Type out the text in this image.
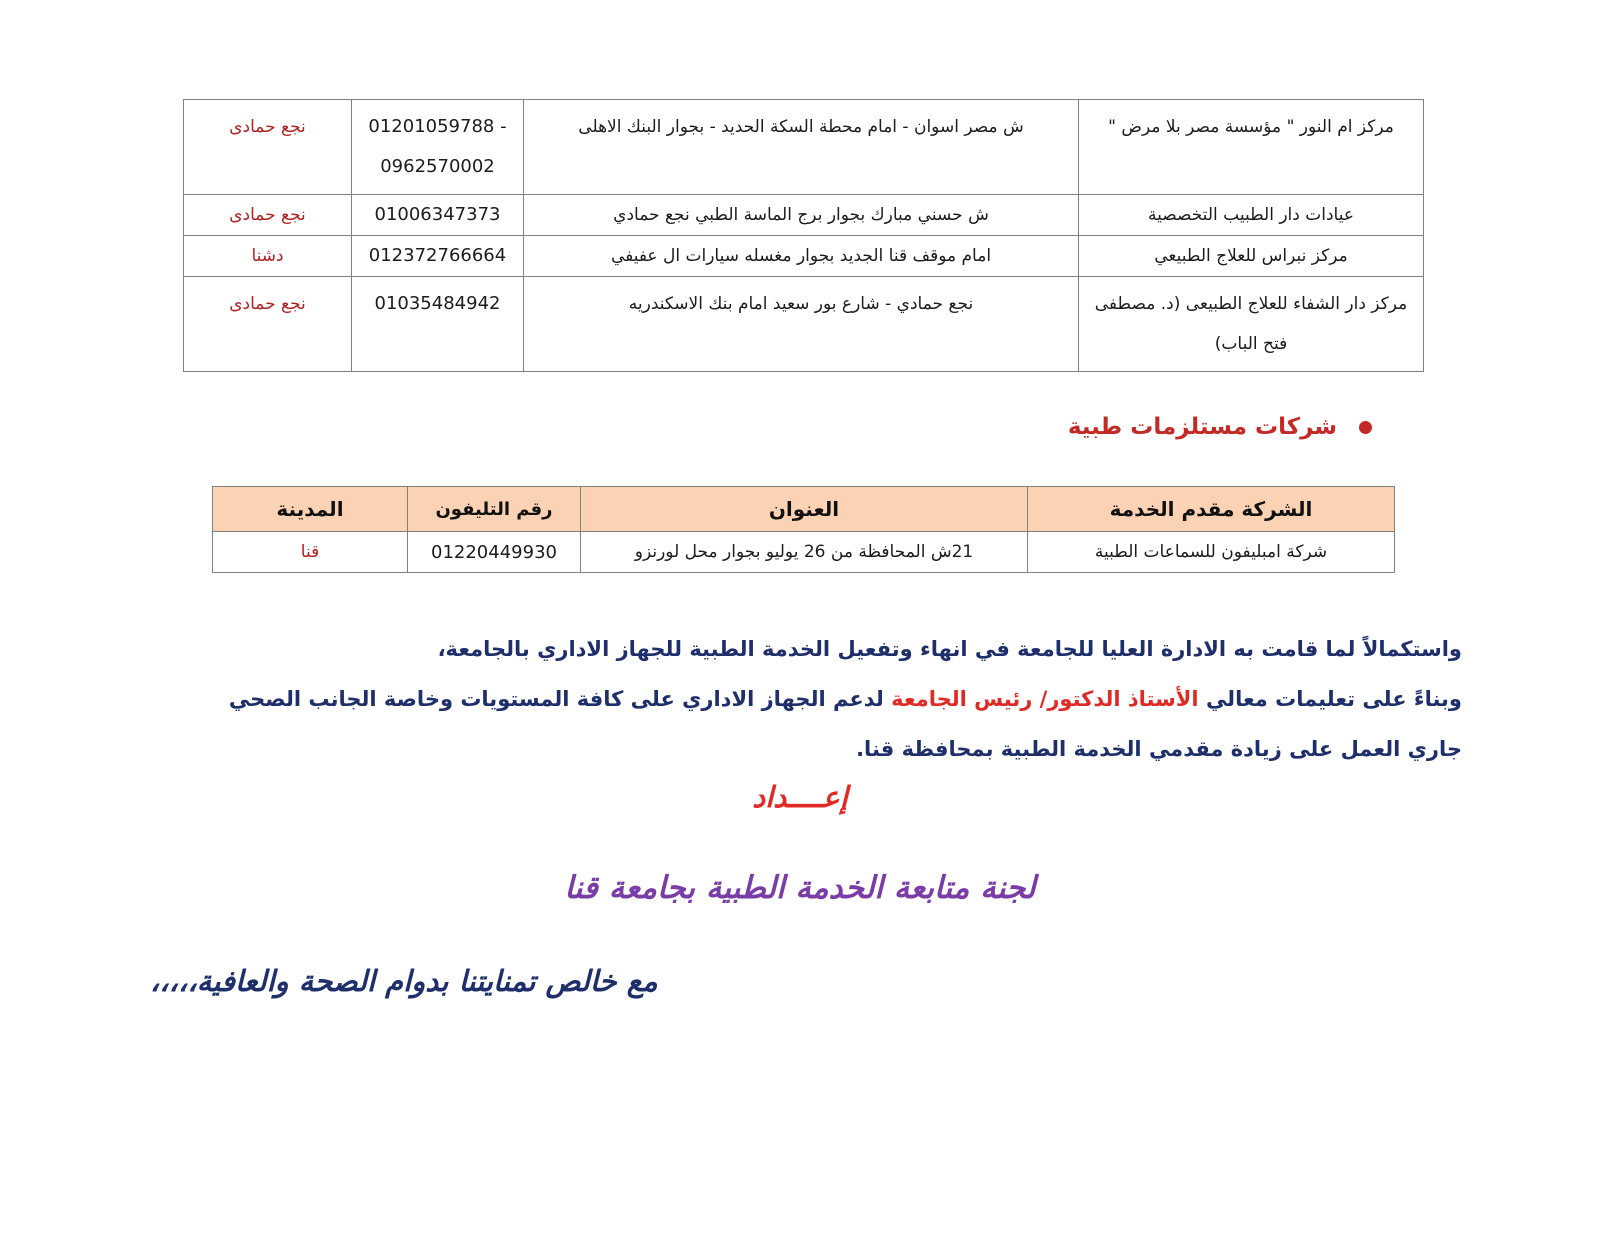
مركز ام النور " مؤسسة مصر بلا مرض "	ش مصر اسوان - امام محطة السكة الحديد - بجوار البنك الاهلى	01201059788 - 0962570002	نجع حمادى
عيادات دار الطبيب التخصصية	ش حسني مبارك بجوار برج الماسة الطبي نجع حمادي	01006347373	نجع حمادى
مركز نبراس للعلاج الطبيعي	امام موقف قنا الجديد بجوار مغسله سيارات ال عفيفي	012372766664	دشنا
مركز دار الشفاء للعلاج الطبيعى (د. مصطفى فتح الباب)	نجع حمادي - شارع بور سعيد امام بنك الاسكندريه	01035484942	نجع حمادى
شركات مستلزمات طبية
الشركة مقدم الخدمة	العنوان	رقم التليفون	المدينة
شركة امبليفون للسماعات الطبية	21ش المحافظة من 26 يوليو بجوار محل لورنزو	01220449930	قنا
واستكمالاً لما قامت به الادارة العليا للجامعة في انهاء وتفعيل الخدمة الطبية للجهاز الاداري بالجامعة،
وبناءً على تعليمات معالي الأستاذ الدكتور/ رئيس الجامعة لدعم الجهاز الاداري على كافة المستويات وخاصة الجانب الصحي
جاري العمل على زيادة مقدمي الخدمة الطبية بمحافظة قنا.
إعــــداد
لجنة متابعة الخدمة الطبية بجامعة قنا
مع خالص تمنايتنا بدوام الصحة والعافية،،،،،
